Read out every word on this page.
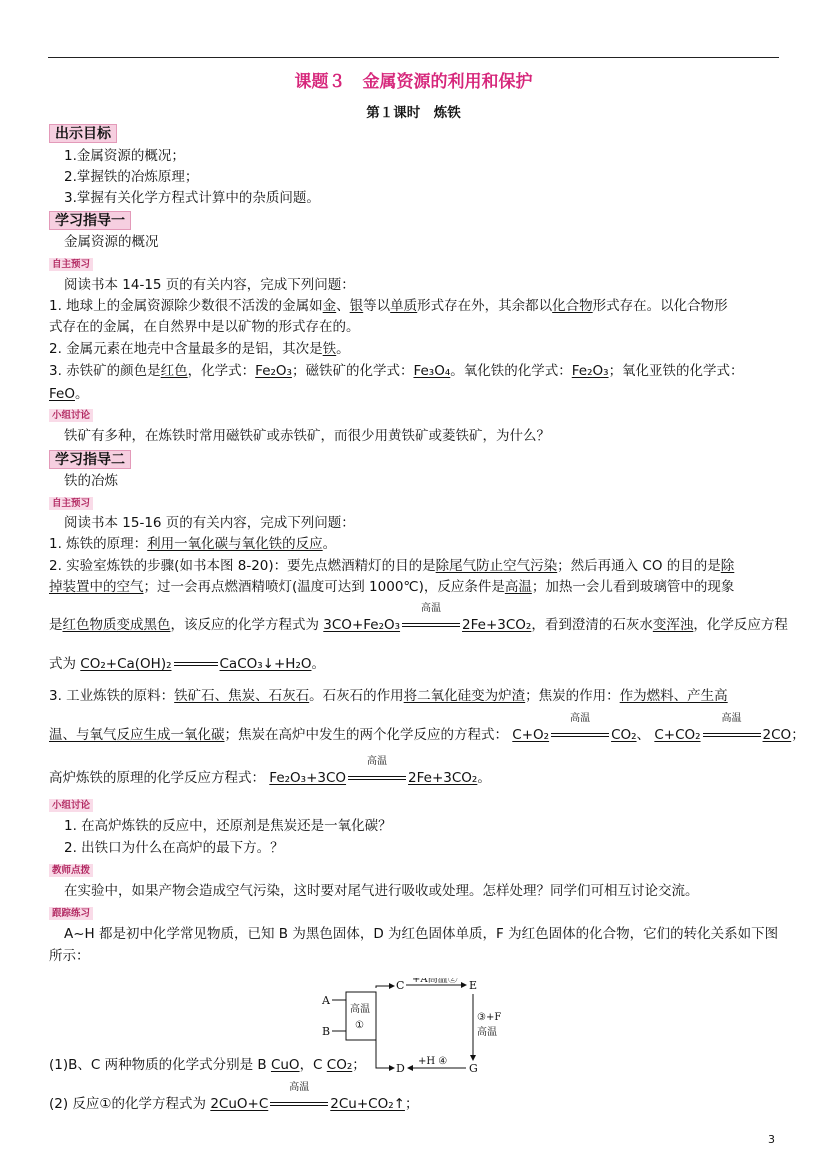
课题３　金属资源的利用和保护
第１课时　炼铁
出示目标
1.金属资源的概况；
2.掌握铁的冶炼原理；
3.掌握有关化学方程式计算中的杂质问题。
学习指导一
金属资源的概况
自主预习
阅读书本 14-15 页的有关内容，完成下列问题：
1. 地球上的金属资源除少数很不活泼的金属如金、银等以单质形式存在外，其余都以化合物形式存在。以化合物形
式存在的金属，在自然界中是以矿物的形式存在的。
2. 金属元素在地壳中含量最多的是铝，其次是铁。
3. 赤铁矿的颜色是红色，化学式：Fe₂O₃；磁铁矿的化学式：Fe₃O₄。氧化铁的化学式：Fe₂O₃；氧化亚铁的化学式：
FeO。
小组讨论
铁矿有多种，在炼铁时常用磁铁矿或赤铁矿，而很少用黄铁矿或菱铁矿，为什么？
学习指导二
铁的冶炼
自主预习
阅读书本 15-16 页的有关内容，完成下列问题：
1. 炼铁的原理：利用一氧化碳与氧化铁的反应。
2. 实验室炼铁的步骤(如书本图 8-20)：要先点燃酒精灯的目的是除尾气防止空气污染；然后再通入 CO 的目的是除
掉装置中的空气；过一会再点燃酒精喷灯(温度可达到 1000℃)，反应条件是高温；加热一会儿看到玻璃管中的现象
是红色物质变成黑色，该反应的化学方程式为 3CO+Fe₂O₃
高温
2Fe+3CO₂，看到澄清的石灰水变浑浊，化学反应方程
式为 CO₂+Ca(OH)₂	CaCO₃↓+H₂O。
3. 工业炼铁的原料：铁矿石、焦炭、石灰石。石灰石的作用将二氧化硅变为炉渣；焦炭的作用：作为燃料、产生高
温、与氧气反应生成一氧化碳；焦炭在高炉中发生的两个化学反应的方程式： C+O₂
高温
CO₂、 C+CO₂
高温
2CO；
高炉炼铁的原理的化学反应方程式： Fe₂O₃+3CO
高温
2Fe+3CO₂。
小组讨论
1. 在高炉炼铁的反应中，还原剂是焦炭还是一氧化碳？
2. 出铁口为什么在高炉的最下方。？
教师点拨
在实验中，如果产物会造成空气污染，这时要对尾气进行吸收或处理。怎样处理？同学们可相互讨论交流。
跟踪练习
A~H 都是初中化学常见物质，已知 B 为黑色固体，D 为红色固体单质，F 为红色固体的化合物，它们的转化关系如下图
所示：
A
B
高温
①
C +A高温② E
③+F
高温
G
+H ④
D
(1)B、C 两种物质的化学式分别是 B CuO，C CO₂；
(2) 反应①的化学方程式为 2CuO+C
高温
2Cu+CO₂↑；
3
